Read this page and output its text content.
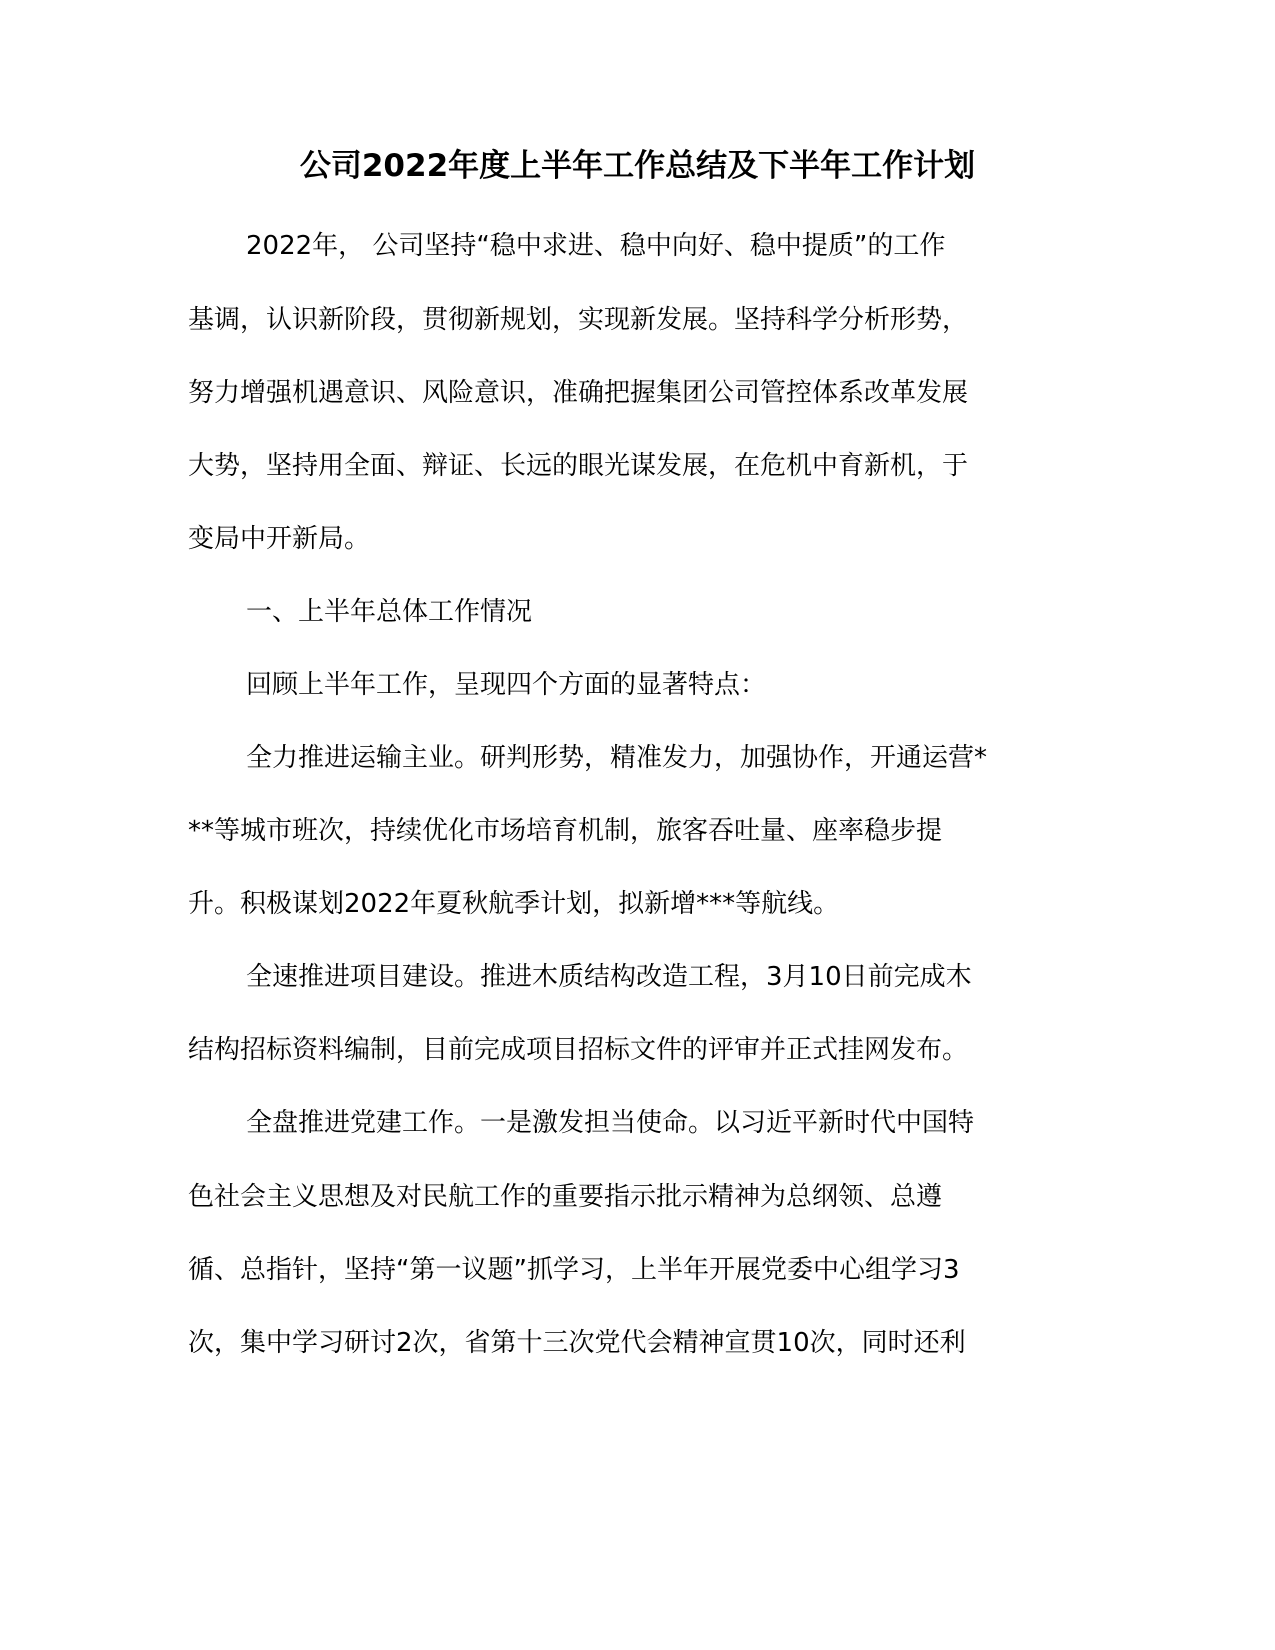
公司2022年度上半年工作总结及下半年工作计划

2022年， 公司坚持“稳中求进、稳中向好、稳中提质”的工作

基调，认识新阶段，贯彻新规划，实现新发展。坚持科学分析形势，

努力增强机遇意识、风险意识，准确把握集团公司管控体系改革发展

大势，坚持用全面、辩证、长远的眼光谋发展，在危机中育新机，于

变局中开新局。

一、上半年总体工作情况

回顾上半年工作，呈现四个方面的显著特点：

全力推进运输主业。研判形势，精准发力，加强协作，开通运营*

**等城市班次，持续优化市场培育机制，旅客吞吐量、座率稳步提

升。积极谋划2022年夏秋航季计划，拟新增***等航线。

全速推进项目建设。推进木质结构改造工程，3月10日前完成木

结构招标资料编制，目前完成项目招标文件的评审并正式挂网发布。

全盘推进党建工作。一是激发担当使命。以习近平新时代中国特

色社会主义思想及对民航工作的重要指示批示精神为总纲领、总遵

循、总指针，坚持“第一议题”抓学习，上半年开展党委中心组学习3

次，集中学习研讨2次，省第十三次党代会精神宣贯10次，同时还利
